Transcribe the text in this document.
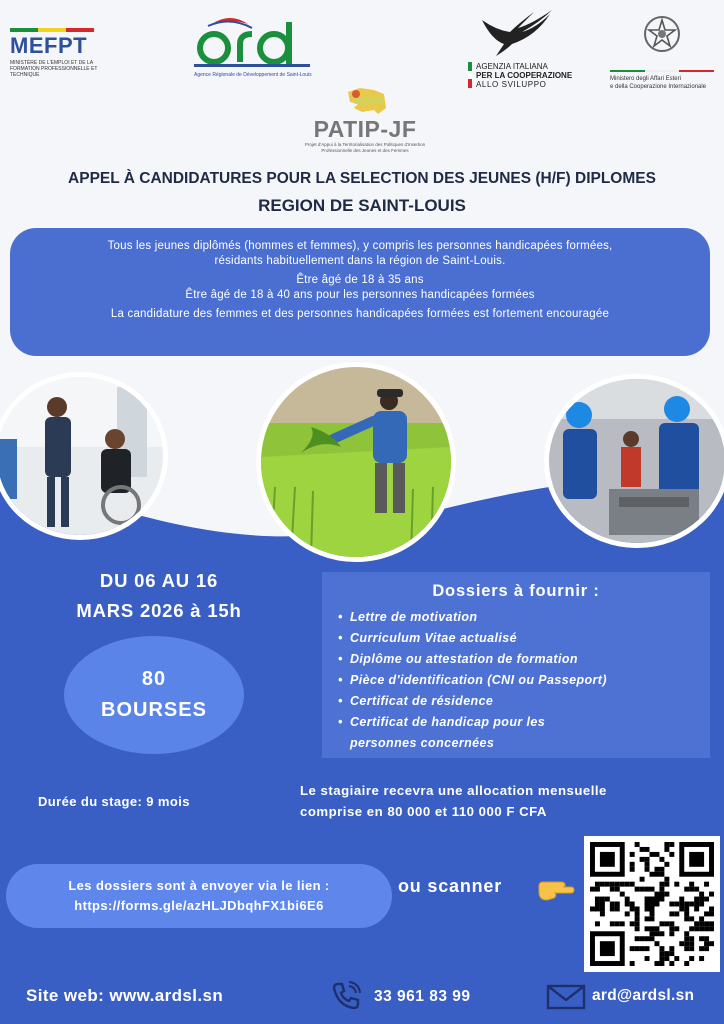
MEFPT
MINISTÈRE DE L'EMPLOI ET DE LA FORMATION PROFESSIONNELLE ET TECHNIQUE	Agence Régionale de Développement de Saint-Louis
AGENZIA ITALIANA
PER LA COOPERAZIONE
ALLO SVILUPPO
Ministero degli Affari Esteri
e della Cooperazione Internazionale
PATIP-JF
Projet d'Appui à la Territorialisation des Politiques d'Insertion Professionnelle des Jeunes et des Femmes
APPEL À CANDIDATURES POUR LA SELECTION DES JEUNES (H/F) DIPLOMES
REGION DE SAINT-LOUIS

Tous les jeunes diplômés (hommes et femmes), y compris les personnes handicapées formées,

résidants habituellement dans la région de Saint-Louis.

Être âgé de 18 à 35 ans

Être âgé de 18 à 40 ans pour les personnes handicapées formées

La candidature des femmes et des personnes handicapées formées est fortement encouragée

DU 06 AU 16
MARS 2026 à 15h
80
BOURSES
Durée du stage: 9 mois
Dossiers à fournir :
• Lettre de motivation
• Curriculum Vitae actualisé
• Diplôme ou attestation de formation
• Pièce d'identification (CNI ou Passeport)
• Certificat de résidence
• Certificat de handicap pour les
personnes concernées
Le stagiaire recevra une allocation mensuelle
comprise en 80 000 et 110 000 F CFA
Les dossiers sont à envoyer via le lien :
https://forms.gle/azHLJDbqhFX1bi6E6
ou scanner
Site web: www.ardsl.sn	33 961 83 99	ard@ardsl.sn
